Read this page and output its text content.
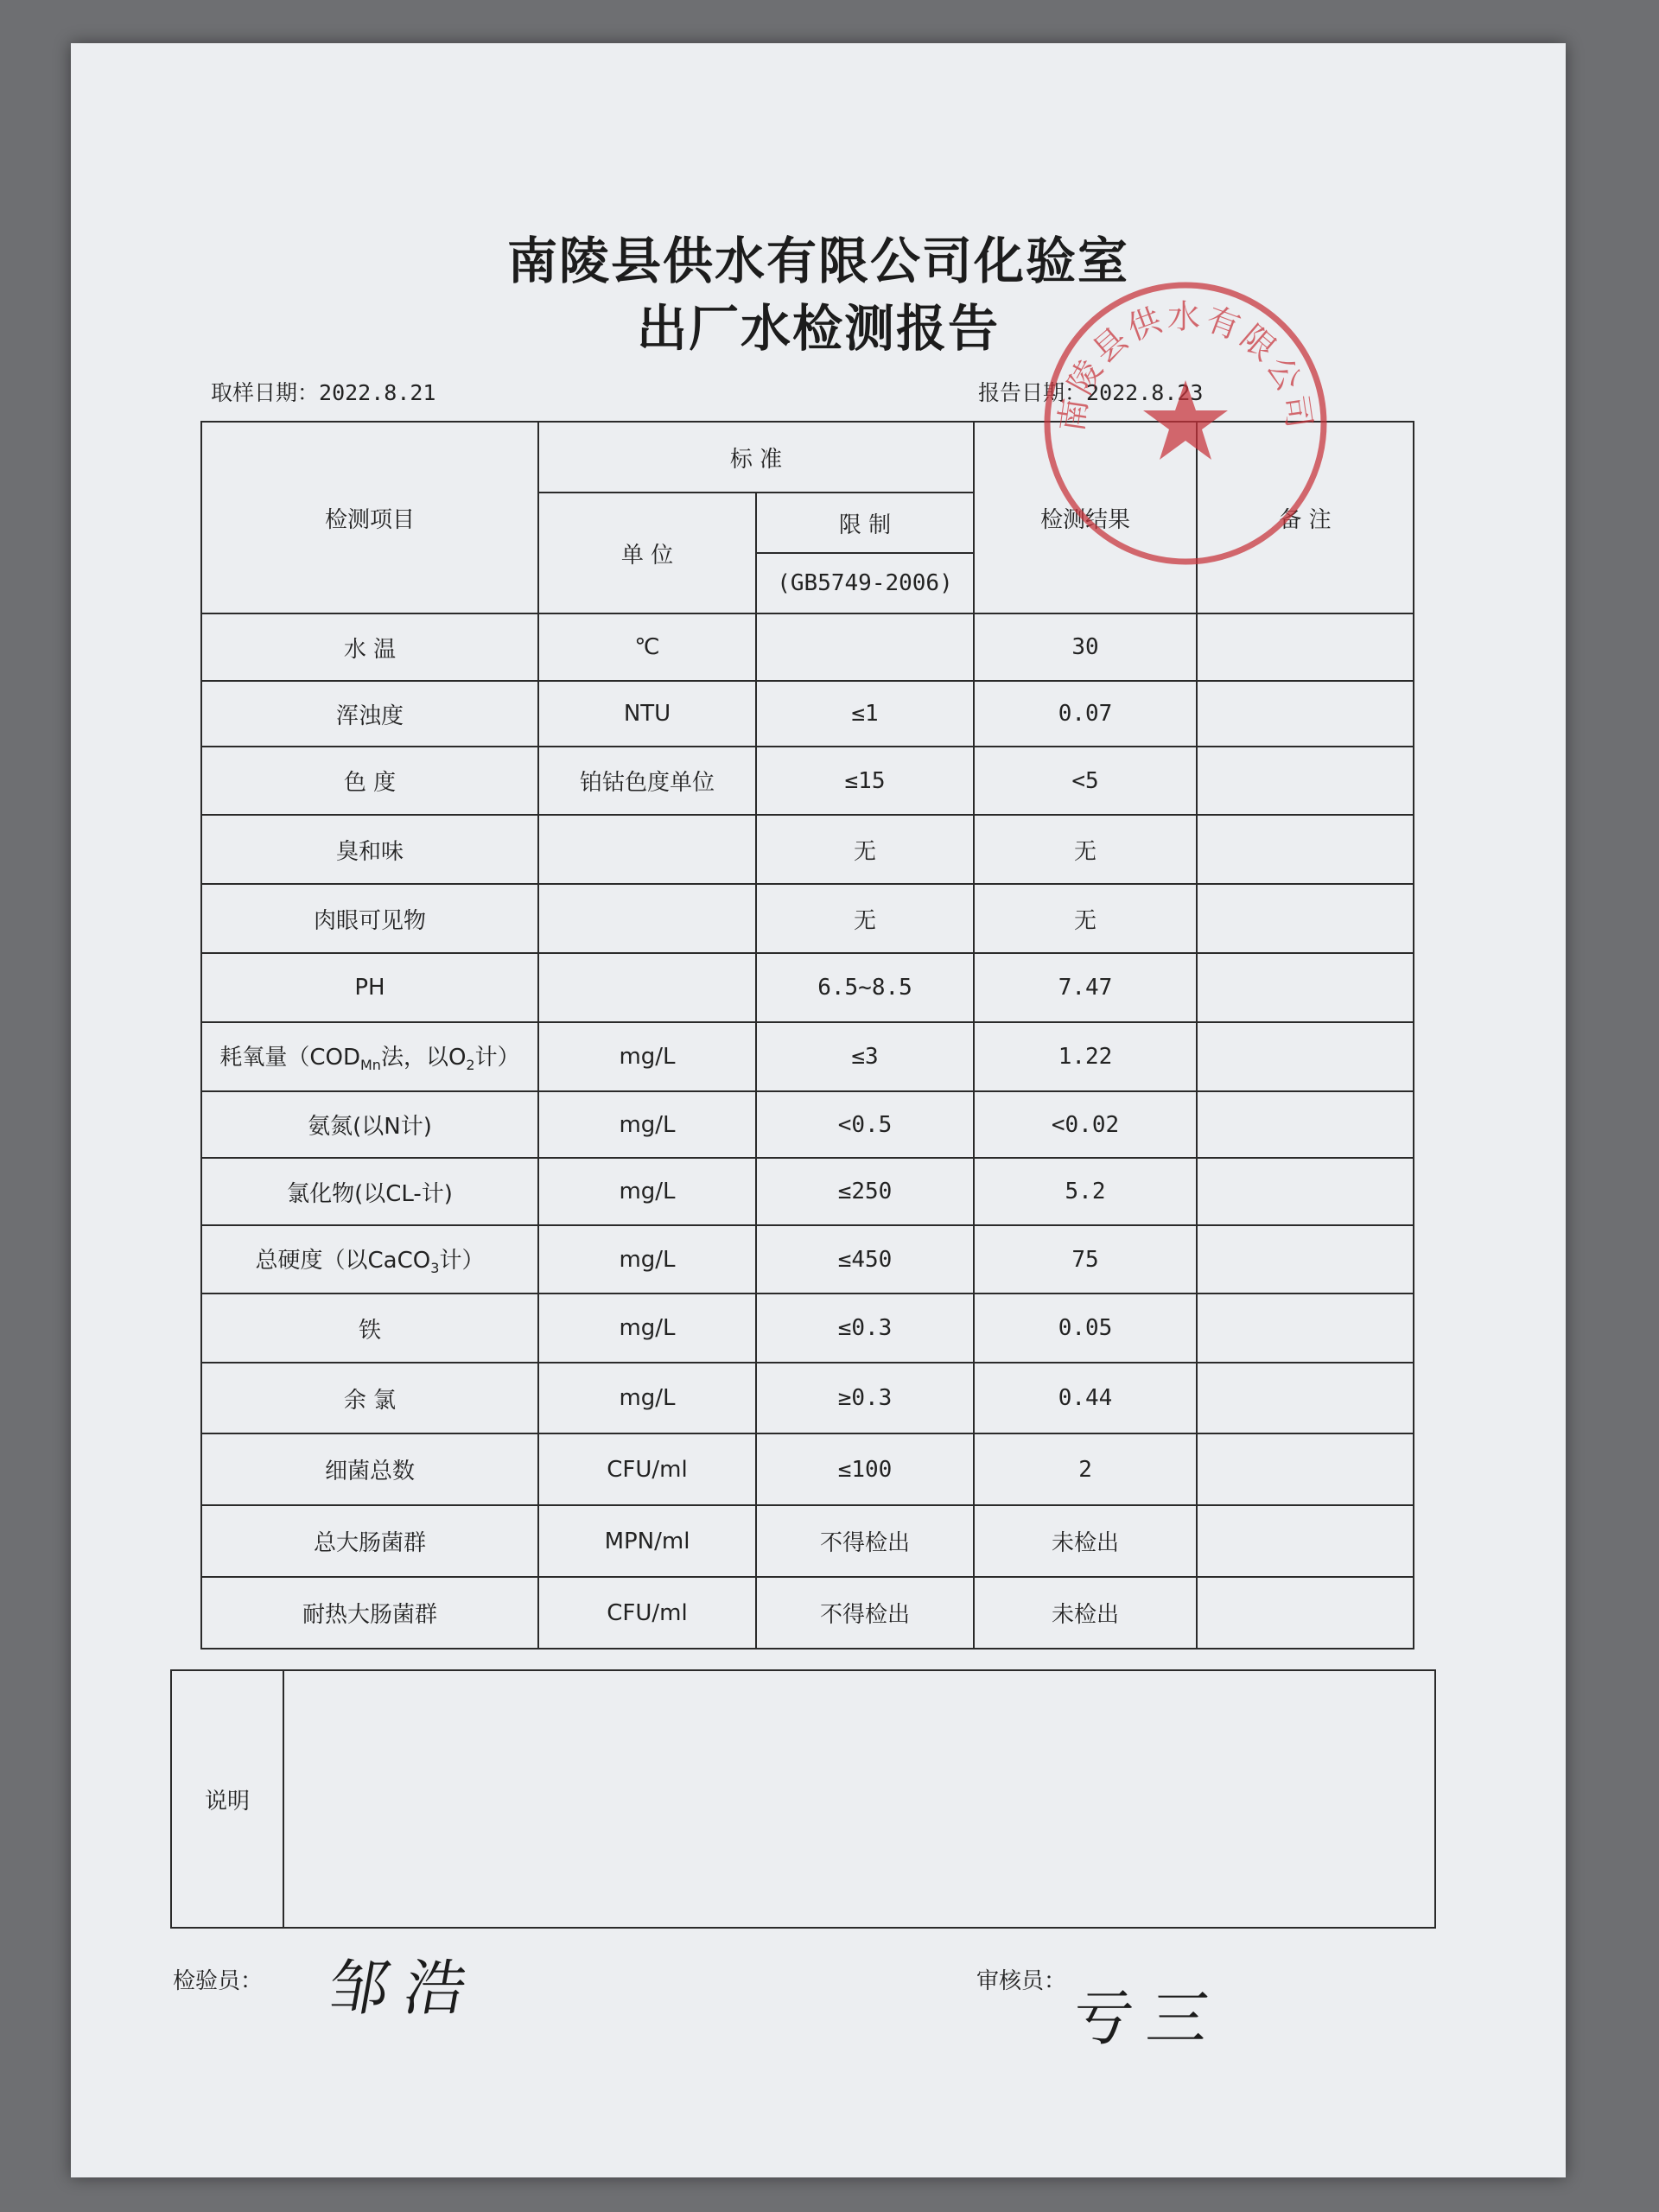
南陵县供水有限公司化验室
出厂水检测报告
取样日期：2022.8.21	报告日期：2022.8.23
检测项目	标 准		检测结果	备 注
	单 位	限 制		
		(GB5749-2006)		
水 温	℃		30	
浑浊度	NTU	≤1	0.07	
色 度	铂钴色度单位	≤15	<5	
臭和味		无	无	
肉眼可见物		无	无	
PH		6.5~8.5	7.47	
耗氧量（$COD_{Mn}$法，以$O_2$计）	mg/L	≤3	1.22	
氨氮(以N计)	mg/L	<0.5	<0.02	
氯化物(以CL-计)	mg/L	≤250	5.2	
总硬度（以CaCO$_3$计）	mg/L	≤450	75	
铁	mg/L	≤0.3	0.05	
余 氯	mg/L	≥0.3	0.44	
细菌总数	CFU/ml	≤100	2	
总大肠菌群	MPN/ml	不得检出	未检出	
耐热大肠菌群	CFU/ml	不得检出	未检出	
说明
检验员： 邹浩	审核员：
亏三
南陵县供水有限公司
